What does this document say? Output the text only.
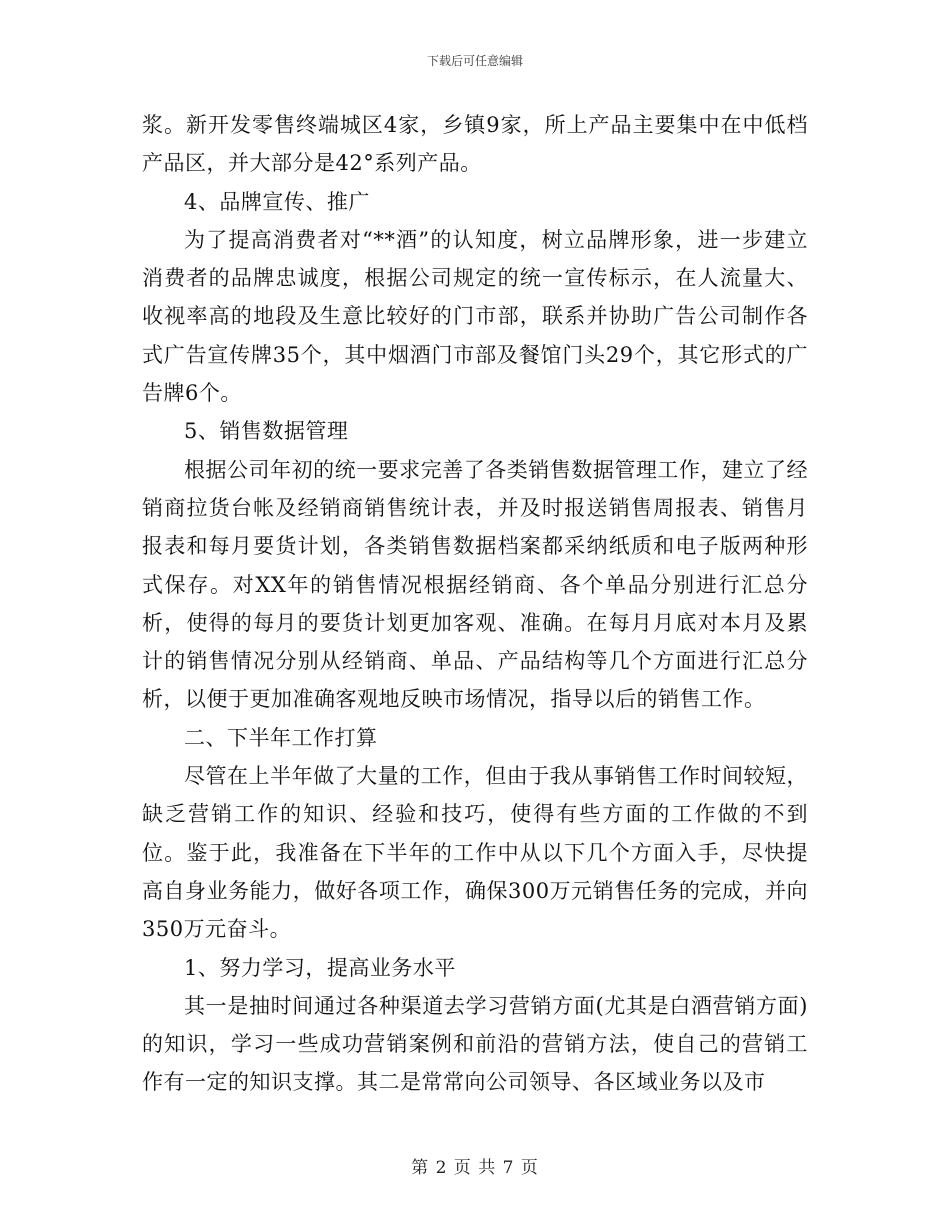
下载后可任意编辑

浆。新开发零售终端城区4家，乡镇9家，所上产品主要集中在中低档产品区，并大部分是42°系列产品。

4、品牌宣传、推广

为了提高消费者对“**酒”的认知度，树立品牌形象，进一步建立消费者的品牌忠诚度，根据公司规定的统一宣传标示，在人流量大、收视率高的地段及生意比较好的门市部，联系并协助广告公司制作各式广告宣传牌35个，其中烟酒门市部及餐馆门头29个，其它形式的广告牌6个。

5、销售数据管理

根据公司年初的统一要求完善了各类销售数据管理工作，建立了经销商拉货台帐及经销商销售统计表，并及时报送销售周报表、销售月报表和每月要货计划，各类销售数据档案都采纳纸质和电子版两种形式保存。对XX年的销售情况根据经销商、各个单品分别进行汇总分析，使得的每月的要货计划更加客观、准确。在每月月底对本月及累计的销售情况分别从经销商、单品、产品结构等几个方面进行汇总分析，以便于更加准确客观地反映市场情况，指导以后的销售工作。

二、下半年工作打算

尽管在上半年做了大量的工作，但由于我从事销售工作时间较短，缺乏营销工作的知识、经验和技巧，使得有些方面的工作做的不到位。鉴于此，我准备在下半年的工作中从以下几个方面入手，尽快提高自身业务能力，做好各项工作，确保300万元销售任务的完成，并向350万元奋斗。

1、努力学习，提高业务水平

其一是抽时间通过各种渠道去学习营销方面(尤其是白酒营销方面)的知识，学习一些成功营销案例和前沿的营销方法，使自己的营销工作有一定的知识支撑。其二是常常向公司领导、各区域业务以及市

第 2 页 共 7 页
